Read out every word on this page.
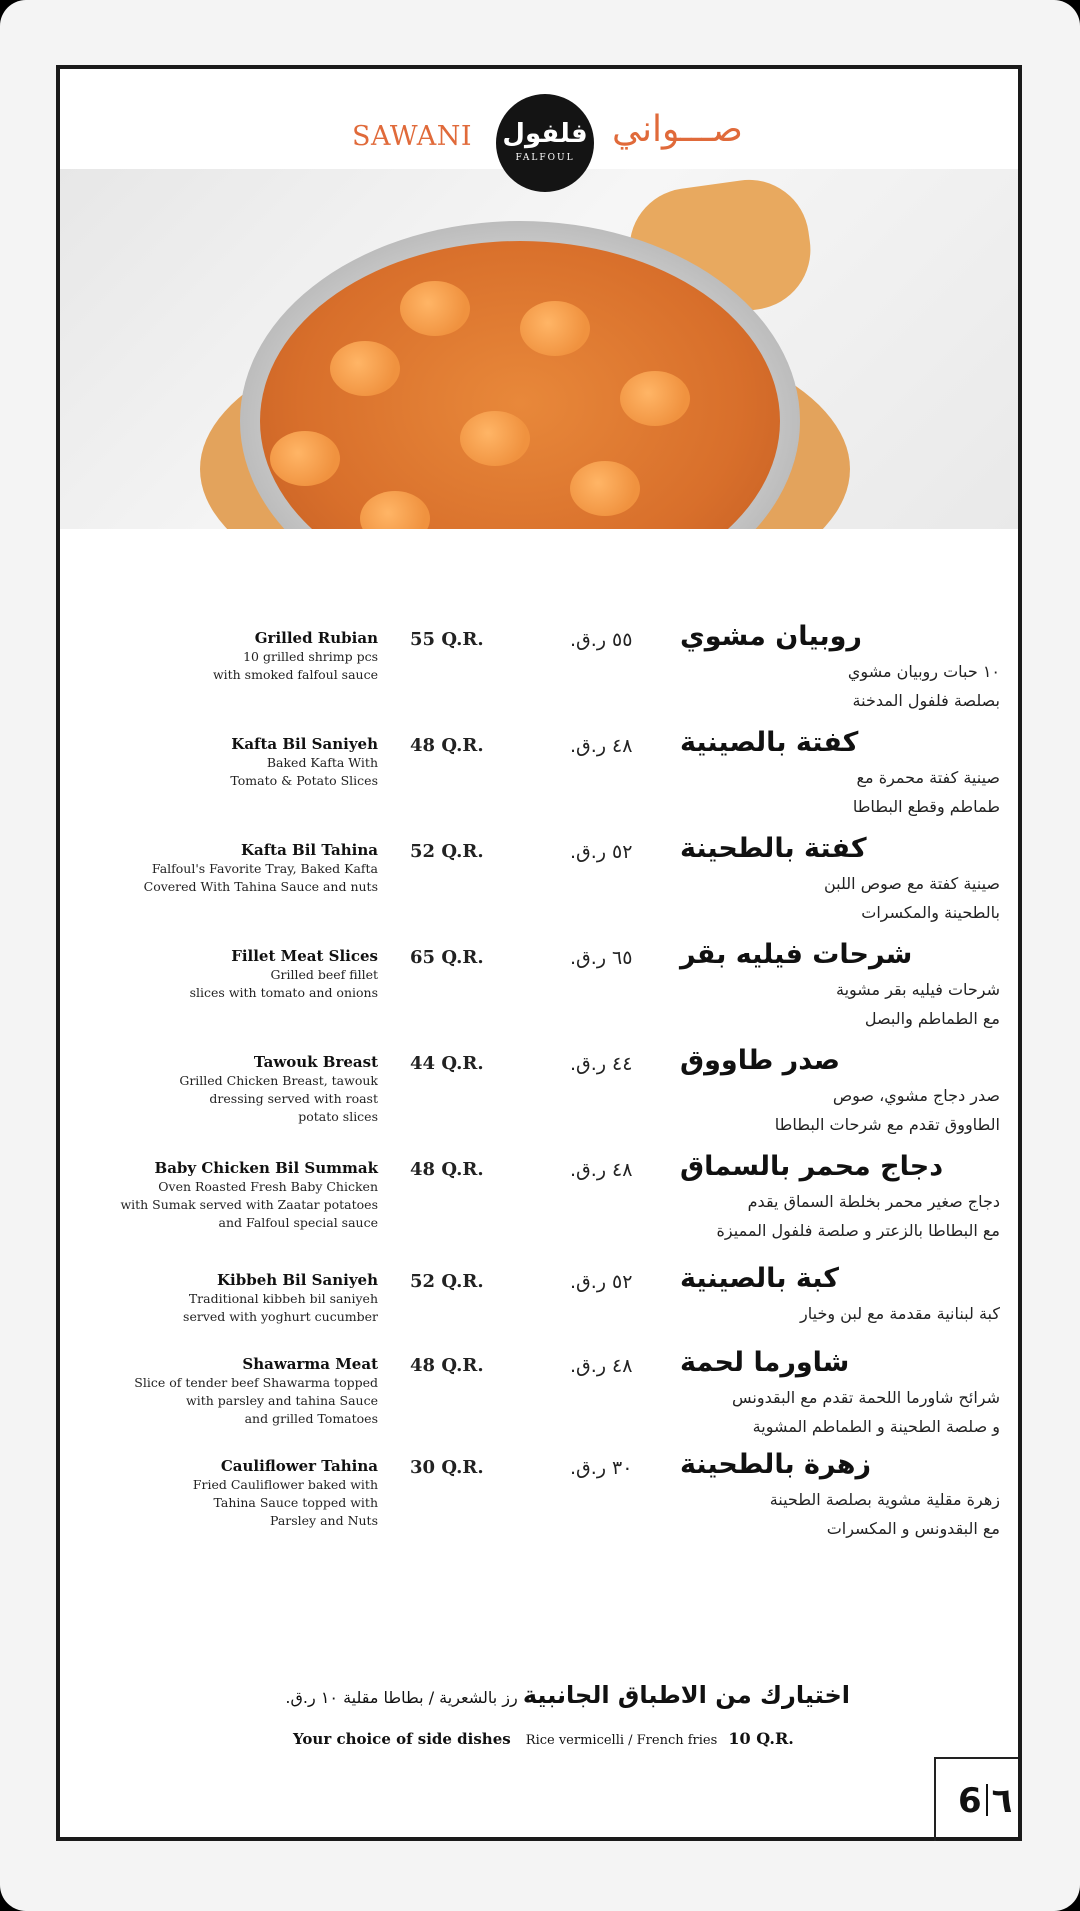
SAWANI فلفول
FALFOUL
صـــواني
Grilled Rubian
10 grilled shrimp pcs
with smoked falfoul sauce
55 Q.R.	٥٥ ر.ق. روبيان مشوي
١٠ حبات روبيان مشوي
بصلصة فلفول المدخنة
Kafta Bil Saniyeh
Baked Kafta With
Tomato & Potato Slices
48 Q.R.	٤٨ ر.ق. كفتة بالصينية
صينية كفتة محمرة مع
طماطم وقطع البطاطا
Kafta Bil Tahina
Falfoul's Favorite Tray, Baked Kafta
Covered With Tahina Sauce and nuts
52 Q.R.	٥٢ ر.ق. كفتة بالطحينة
صينية كفتة مع صوص اللبن
بالطحينة والمكسرات
Fillet Meat Slices
Grilled beef fillet
slices with tomato and onions
65 Q.R.	٦٥ ر.ق. شرحات فيليه بقر
شرحات فيليه بقر مشوية
مع الطماطم والبصل
Tawouk Breast
Grilled Chicken Breast, tawouk
dressing served with roast
potato slices
44 Q.R.	٤٤ ر.ق. صدر طاووق
صدر دجاج مشوي، صوص
الطاووق تقدم مع شرحات البطاطا
Baby Chicken Bil Summak
Oven Roasted Fresh Baby Chicken
with Sumak served with Zaatar potatoes
and Falfoul special sauce
48 Q.R.	٤٨ ر.ق. دجاج محمر بالسماق
دجاج صغير محمر بخلطة السماق يقدم
مع البطاطا بالزعتر و صلصة فلفول المميزة
Kibbeh Bil Saniyeh
Traditional kibbeh bil saniyeh
served with yoghurt cucumber
52 Q.R.	٥٢ ر.ق. كبة بالصينية
كبة لبنانية مقدمة مع لبن وخيار
Shawarma Meat
Slice of tender beef Shawarma topped
with parsley and tahina Sauce
and grilled Tomatoes
48 Q.R.	٤٨ ر.ق. شاورما لحمة
شرائح شاورما اللحمة تقدم مع البقدونس
و صلصة الطحينة و الطماطم المشوية
Cauliflower Tahina
Fried Cauliflower baked with
Tahina Sauce topped with
Parsley and Nuts
30 Q.R.	٣٠ ر.ق. زهرة بالطحينة
زهرة مقلية مشوية بصلصة الطحينة
مع البقدونس و المكسرات
اختيارك من الاطباق الجانبية رز بالشعرية / بطاطا مقلية ١٠ ر.ق.
Your choice of side dishes Rice vermicelli / French fries 10 Q.R.
6 ٦
